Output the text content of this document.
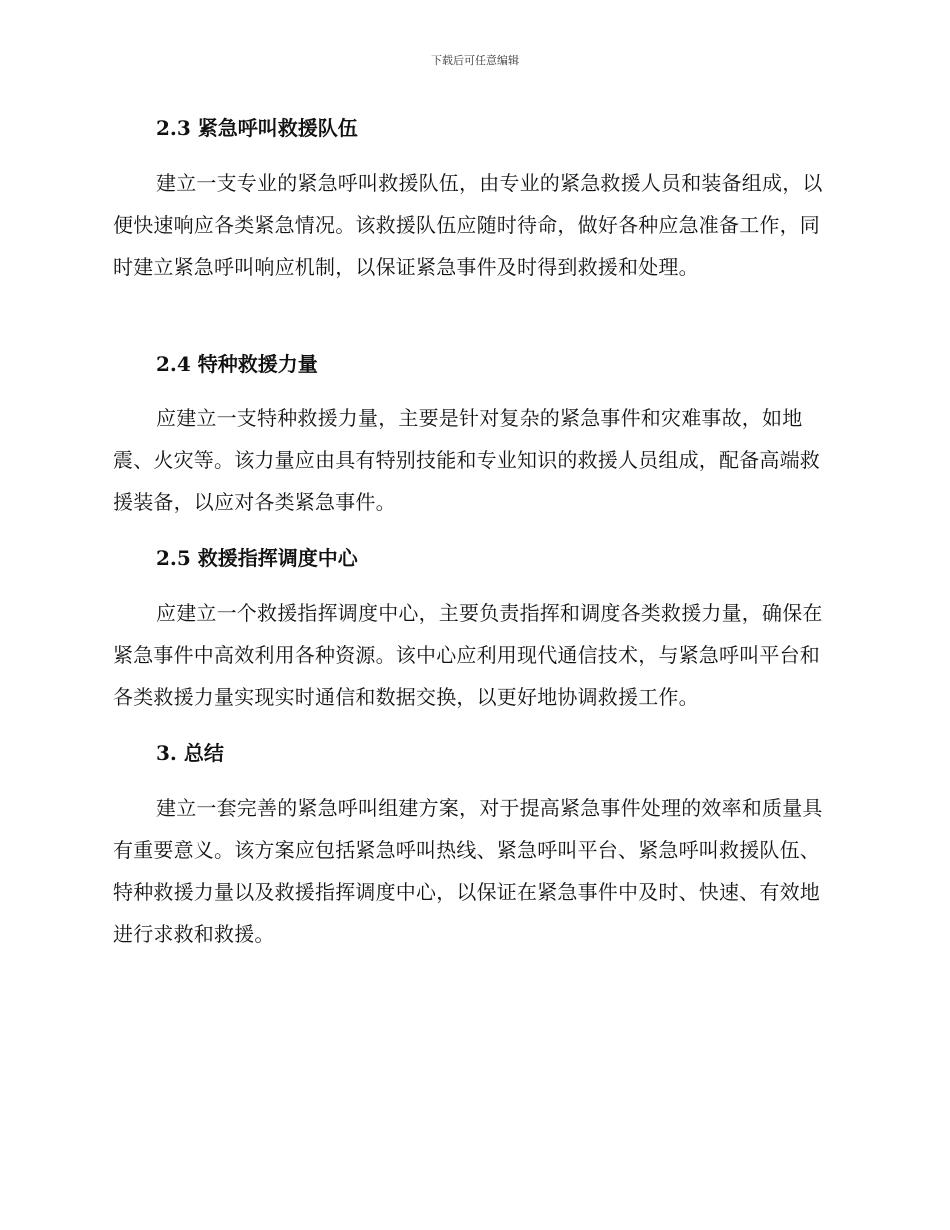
下载后可任意编辑
2.3 紧急呼叫救援队伍

建立一支专业的紧急呼叫救援队伍，由专业的紧急救援人员和装备组成，以便快速响应各类紧急情况。该救援队伍应随时待命，做好各种应急准备工作，同时建立紧急呼叫响应机制，以保证紧急事件及时得到救援和处理。

2.4 特种救援力量

应建立一支特种救援力量，主要是针对复杂的紧急事件和灾难事故，如地震、火灾等。该力量应由具有特别技能和专业知识的救援人员组成，配备高端救援装备，以应对各类紧急事件。

2.5 救援指挥调度中心

应建立一个救援指挥调度中心，主要负责指挥和调度各类救援力量，确保在紧急事件中高效利用各种资源。该中心应利用现代通信技术，与紧急呼叫平台和各类救援力量实现实时通信和数据交换，以更好地协调救援工作。

3. 总结

建立一套完善的紧急呼叫组建方案，对于提高紧急事件处理的效率和质量具有重要意义。该方案应包括紧急呼叫热线、紧急呼叫平台、紧急呼叫救援队伍、特种救援力量以及救援指挥调度中心，以保证在紧急事件中及时、快速、有效地进行求救和救援。
